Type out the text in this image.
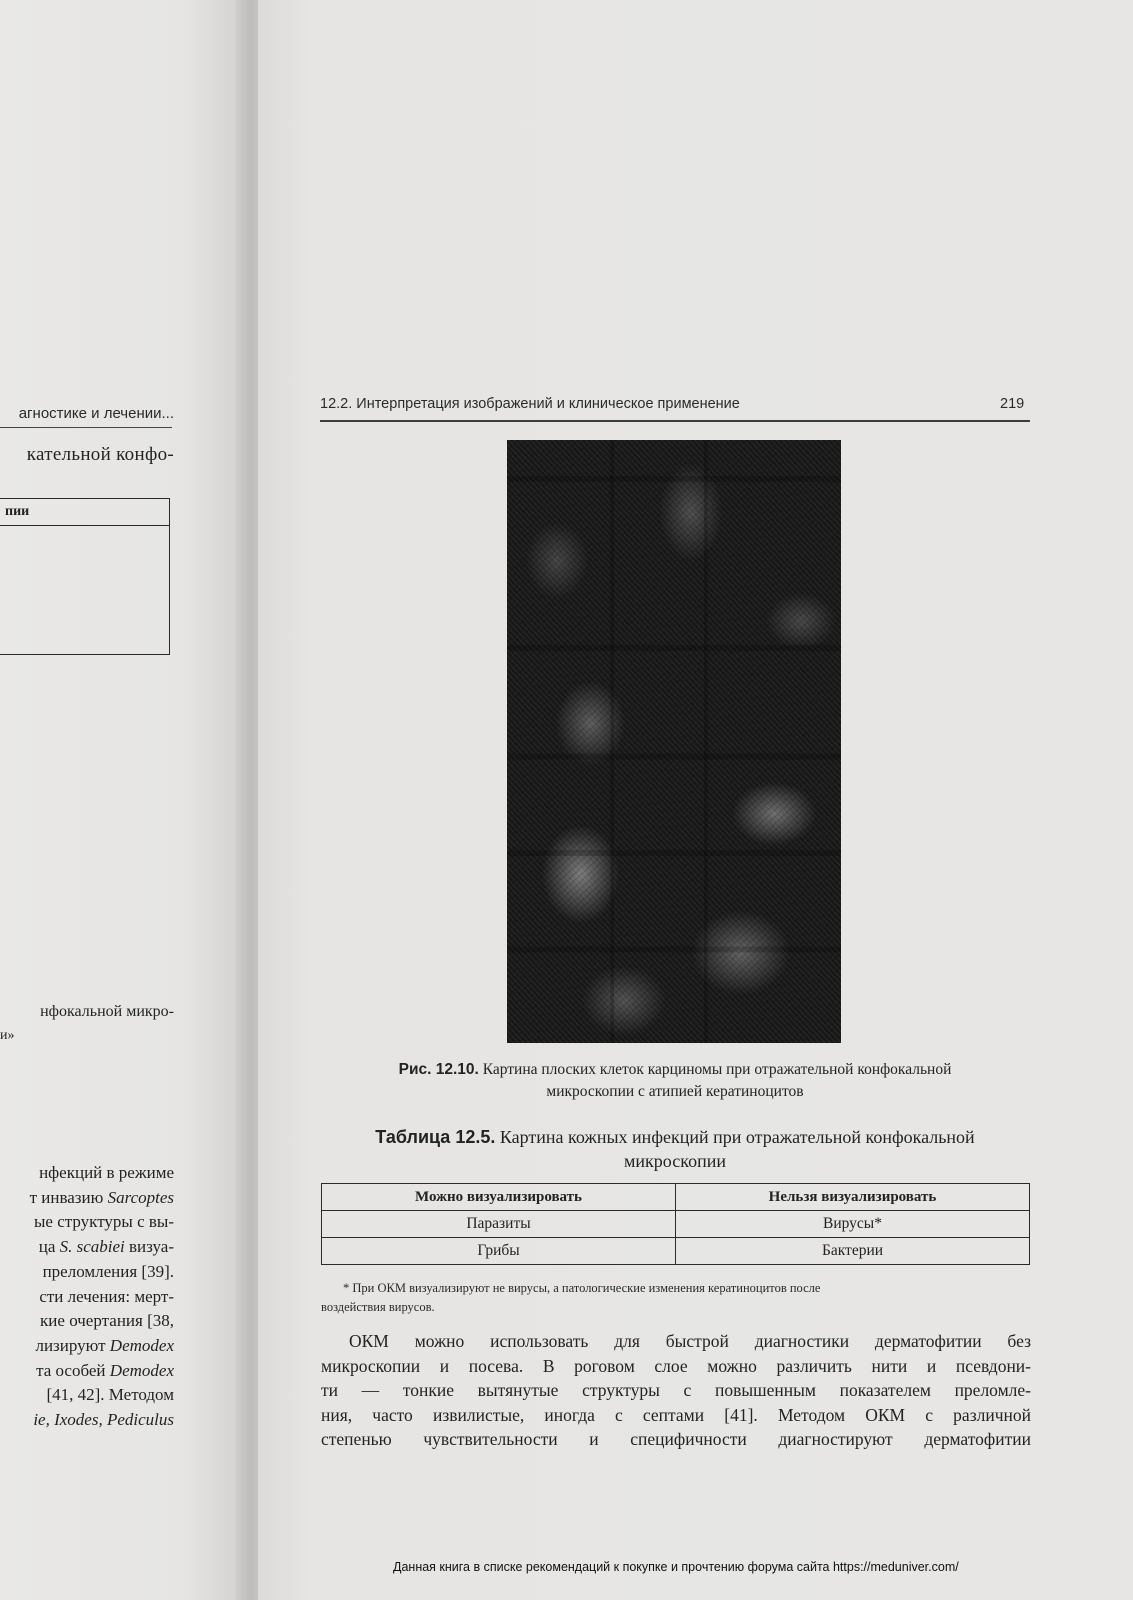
агностике и лечении...
кательной конфо-
пии
нфокальной микро-
и»
нфекций в режиме
т инвазию Sarcoptes
ые структуры с вы-
ца S. scabiei визуа-
преломления [39].
сти лечения: мерт-
кие очертания [38,
лизируют Demodex
та особей Demodex
[41, 42]. Методом
ie, Ixodes, Pediculus
12.2. Интерпретация изображений и клиническое применение	219
Рис. 12.10. Картина плоских клеток карциномы при отражательной конфокальной
микроскопии с атипией кератиноцитов
Таблица 12.5. Картина кожных инфекций при отражательной конфокальной
микроскопии
Можно визуализировать	Нельзя визуализировать
Паразиты	Вирусы*
Грибы	Бактерии
* При ОКМ визуализируют не вирусы, а патологические изменения кератиноцитов после
воздействия вирусов.
ОКМ можно использовать для быстрой диагностики дерматофитии без
микроскопии и посева. В роговом слое можно различить нити и псевдони-
ти — тонкие вытянутые структуры с повышенным показателем преломле-
ния, часто извилистые, иногда с септами [41]. Методом ОКМ с различной
степенью чувствительности и специфичности диагностируют дерматофитии
Данная книга в списке рекомендаций к покупке и прочтению форума сайта https://meduniver.com/
